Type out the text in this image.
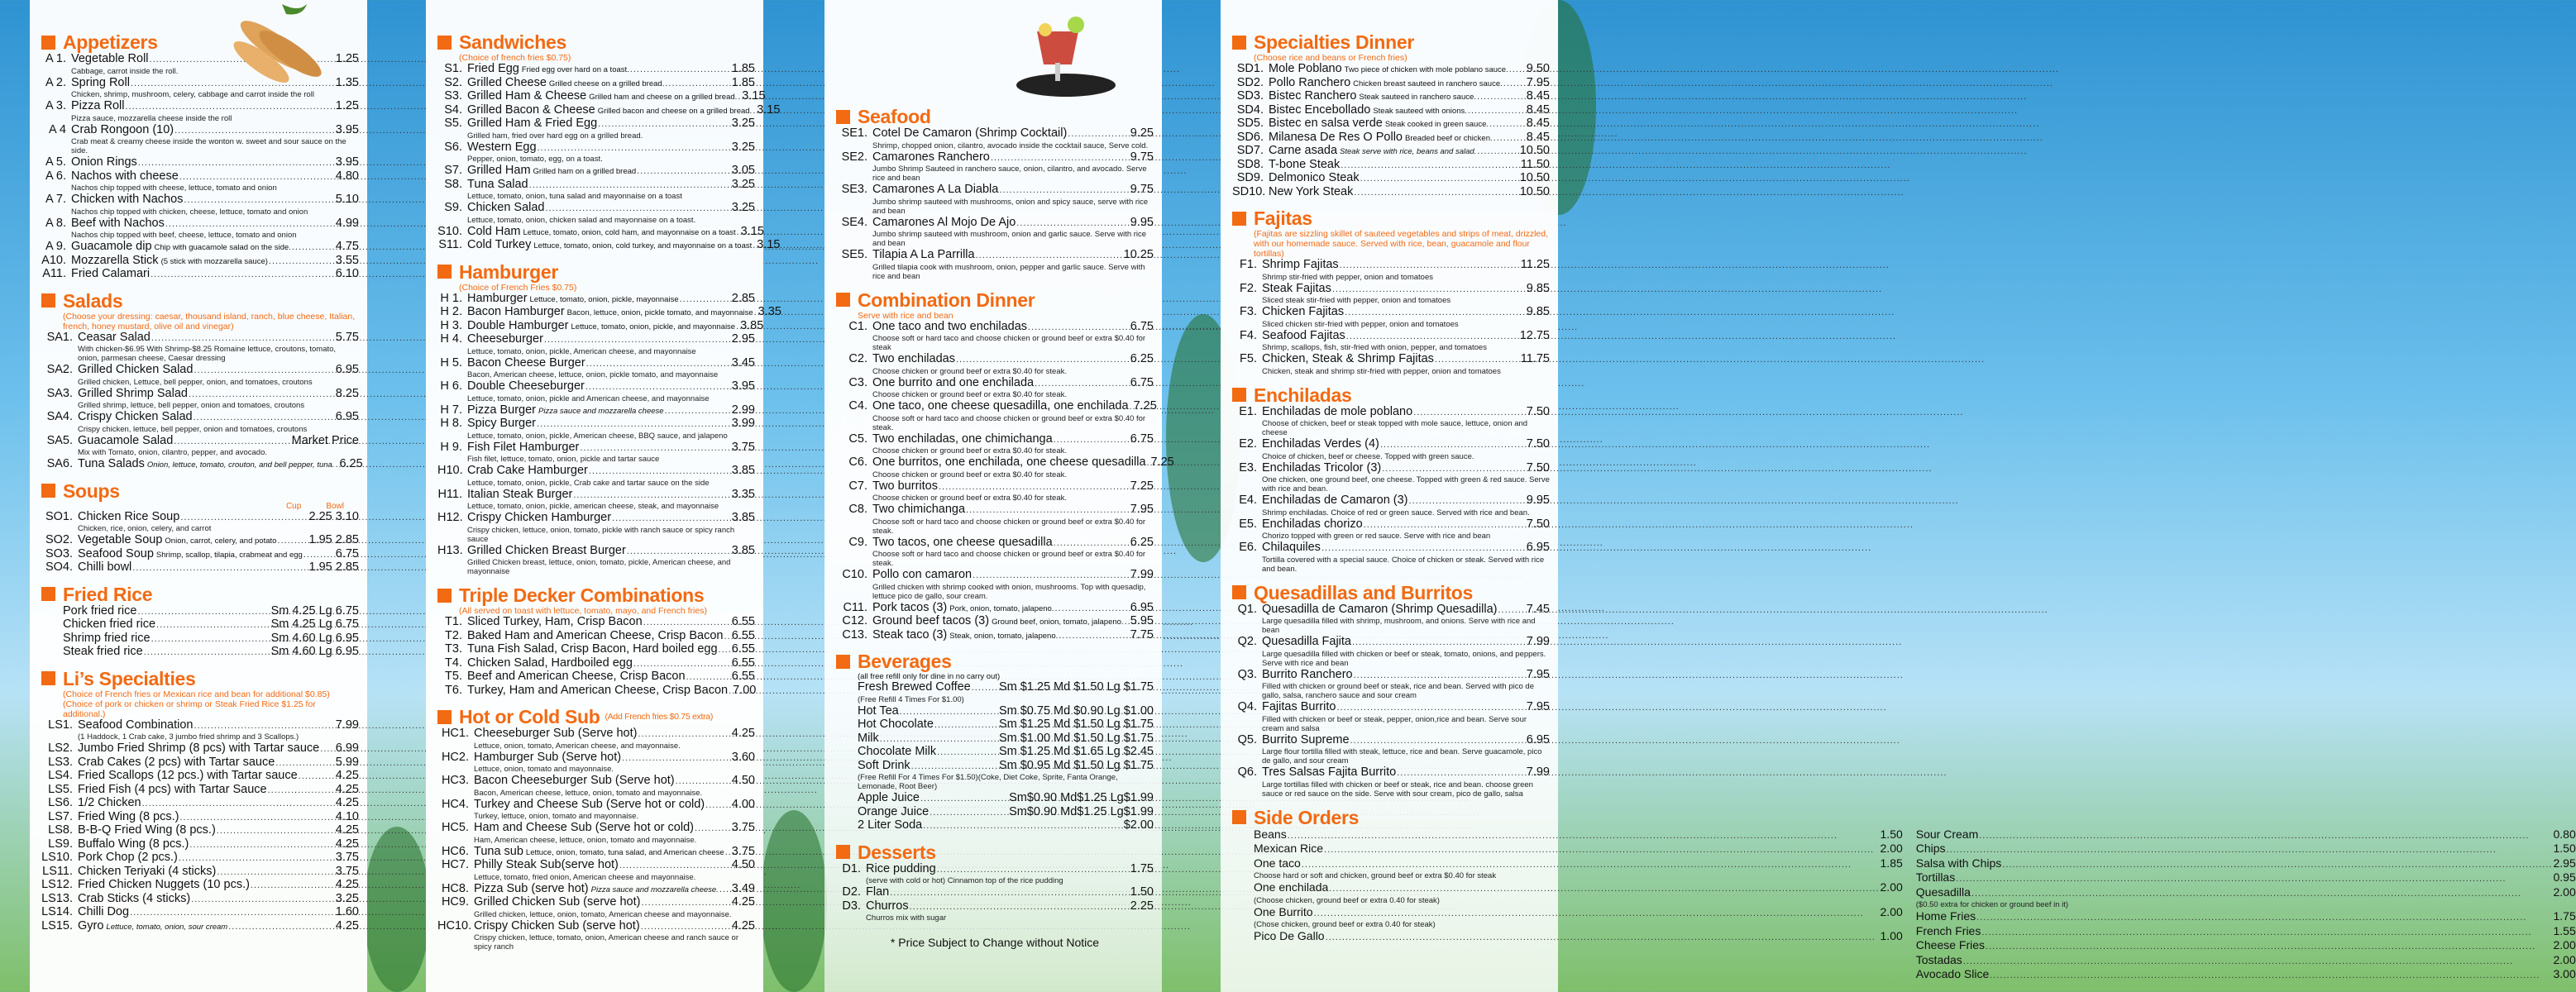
Appetizers
A 1. Vegetable Roll .....	1.25
Cabbage, carrot inside the roll.
A 2. Spring Roll .....	1.35
Chicken, shrimp, mushroom, celery, cabbage and carrot inside the roll
A 3. Pizza Roll .....	1.25
Pizza sauce, mozzarella cheese inside the roll
A 4 Crab Rongoon (10) .....	3.95
Crab meat & creamy cheese inside the wonton w. sweet and sour sauce on the side.
A 5. Onion Rings .....	3.95
A 6. Nachos with cheese .....	4.80
Nachos chip topped with cheese, lettuce, tomato and onion
A 7. Chicken with Nachos .....	5.10
Nachos chip topped with chicken, cheese, lettuce, tomato and onion
A 8. Beef with Nachos .....	4.99
Nachos chip topped with beef, cheese, lettuce, tomato and onion
A 9. Guacamole dip Chip with guacamole salad on the side. .....	4.75
A10. Mozzarella Stick (5 stick with mozzarella sauce) .....	3.55
A11. Fried Calamari .....	6.10
Salads
(Choose your dressing: caesar, thousand island, ranch, blue cheese, Italian, french, honey mustard, olive oil and vinegar)
SA1. Ceasar Salad .....	5.75
With chicken-$6.95 With Shrimp-$8.25 Romaine lettuce, croutons, tomato, onion, parmesan cheese, Caesar dressing
SA2. Grilled Chicken Salad .....	6.95
Grilled chicken, Lettuce, bell pepper, onion, and tomatoes, croutons
SA3. Grilled Shrimp Salad .....	8.25
Grilled shrimp, lettuce, bell pepper, onion and tomatoes, croutons
SA4. Crispy Chicken Salad .....	6.95
Crispy chicken, lettuce, bell pepper, onion and tomatoes, croutons
SA5. Guacamole Salad .....	Market Price
Mix with Tomato, onion, cilantro, pepper, and avocado.
SA6. Tuna Salads Onion, lettuce, tomato, crouton, and bell pepper, tuna. ..... 6.25
Soups
Cup	Bowl
SO1. Chicken Rice Soup .....	2.25 3.10
Chicken, rice, onion, celery, and carrot
SO2. Vegetable Soup Onion, carrot, celery, and potato .....	1.95 2.85
SO3. Seafood Soup Shrimp, scallop, tilapia, crabmeat and egg .....	6.75
SO4. Chilli bowl .....	1.95 2.85
Fried Rice
Pork fried rice .....	Sm 4.25 Lg 6.75
Chicken fried rice .....	Sm 4.25 Lg 6.75
Shrimp fried rice .....	Sm 4.60 Lg 6.95
Steak fried rice .....	Sm 4.60 Lg 6.95
Li’s Specialties
(Choice of French fries or Mexican rice and bean for additional $0.85)
(Choice of pork or chicken or shrimp or Steak Fried Rice $1.25 for additional.)
LS1. Seafood Combination .....	7.99
(1 Haddock, 1 Crab cake, 3 jumbo fried shrimp and 3 Scallops.)
LS2. Jumbo Fried Shrimp (8 pcs) with Tartar sauce ..... 6.99
LS3. Crab Cakes (2 pcs) with Tartar sauce .....	5.99
LS4. Fried Scallops (12 pcs.) with Tartar sauce .....	4.25
LS5. Fried Fish (4 pcs) with Tartar Sauce .....	4.25
LS6. 1/2 Chicken .....	4.25
LS7. Fried Wing (8 pcs.) .....	4.10
LS8. B-B-Q Fried Wing (8 pcs.) .....	4.25
LS9. Buffalo Wing (8 pcs.) .....	4.25
LS10. Pork Chop (2 pcs.) .....	3.75
LS11. Chicken Teriyaki (4 sticks) .....	3.75
LS12. Fried Chicken Nuggets (10 pcs.) .....	4.25
LS13. Crab Sticks (4 sticks) .....	3.25
LS14. Chilli Dog .....	1.60
LS15. Gyro Lettuce, tomato, onion, sour cream .....	4.25
Sandwiches
(Choice of french fries $0.75)
S1. Fried Egg Fried egg over hard on a toast. .....	1.85
S2. Grilled Cheese Grilled cheese on a grilled bread. .....	1.85
S3. Grilled Ham & Cheese Grilled ham and cheese on a grilled bread. ..... 3.15
S4. Grilled Bacon & Cheese Grilled bacon and cheese on a grilled bread. ..... 3.15
S5. Grilled Ham & Fried Egg .....	3.25
Grilled ham, fried over hard egg on a grilled bread.
S6. Western Egg .....	3.25
Pepper, onion, tomato, egg, on a toast.
S7. Grilled Ham Grilled ham on a grilled bread .....	3.05
S8. Tuna Salad .....	3.25
Lettuce, tomato, onion, tuna salad and mayonnaise on a toast
S9. Chicken Salad .....	3.25
Lettuce, tomato, onion, chicken salad and mayonnaise on a toast.
S10. Cold Ham Lettuce, tomato, onion, cold ham, and mayonnaise on a toast ..... 3.15
S11. Cold Turkey Lettuce, tomato, onion, cold turkey, and mayonnaise on a toast ..... 3.15
Hamburger
(Choice of French Fries $0.75)
H 1. Hamburger Lettuce, tomato, onion, pickle, mayonnaise .....	2.85
H 2. Bacon Hamburger Bacon, lettuce, onion, pickle tomato, and mayonnaise ..... 3.35
H 3. Double Hamburger Lettuce, tomato, onion, pickle, and mayonnaise ..... 3.85
H 4. Cheeseburger .....	2.95
Lettuce, tomato, onion, pickle, American cheese, and mayonnaise
H 5. Bacon Cheese Burger .....	3.45
Bacon, American cheese, lettuce, onion, pickle tomato, and mayonnaise
H 6. Double Cheeseburger .....	3.95
Lettuce, tomato, onion, pickle and American cheese, and mayonnaise
H 7. Pizza Burger Pizza sauce and mozzarella cheese .....	2.99
H 8. Spicy Burger .....	3.99
Lettuce, tomato, onion, pickle, American cheese, BBQ sauce, and jalapeno
H 9. Fish Filet Hamburger .....	3.75
Fish filet, lettuce, tomato, onion, pickle and tartar sauce
H10. Crab Cake Hamburger .....	3.85
Lettuce, tomato, onion, pickle, Crab cake and tartar sauce on the side
H11. Italian Steak Burger .....	3.35
Lettuce, tomato, onion, pickle, american cheese, steak, and mayonnaise
H12. Crispy Chicken Hamburger .....	3.85
Crispy chicken, lettuce, onion, tomato, pickle with ranch sauce or spicy ranch sauce
H13. Grilled Chicken Breast Burger .....	3.85
Grilled Chicken breast, lettuce, onion, tomato, pickle, American cheese, and mayonnaise
Triple Decker Combinations
(All served on toast with lettuce, tomato, mayo, and French fries)
T1. Sliced Turkey, Ham, Crisp Bacon .....	6.55
T2. Baked Ham and American Cheese, Crisp Bacon ..... 6.55
T3. Tuna Fish Salad, Crisp Bacon, Hard boiled egg ..... 6.55
T4. Chicken Salad, Hardboiled egg .....	6.55
T5. Beef and American Cheese, Crisp Bacon .....	6.55
T6. Turkey, Ham and American Cheese, Crisp Bacon ..... 7.00
Hot or Cold Sub (Add French fries $0.75 extra)
HC1. Cheeseburger Sub (Serve hot) .....	4.25
Lettuce, onion, tomato, American cheese, and mayonnaise.
HC2. Hamburger Sub (Serve hot) .....	3.60
Lettuce, onion, tomato and mayonnaise.
HC3. Bacon Cheeseburger Sub (Serve hot) .....	4.50
Bacon, American cheese, lettuce, onion, tomato and mayonnaise.
HC4. Turkey and Cheese Sub (Serve hot or cold) ..... 4.00
Turkey, lettuce, onion, tomato and mayonnaise.
HC5. Ham and Cheese Sub (Serve hot or cold) .....	3.75
Ham, American cheese, lettuce, onion, tomato and mayonnaise.
HC6. Tuna sub Lettuce, onion, tomato, tuna salad, and American cheese ..... 3.75
HC7. Philly Steak Sub(serve hot) .....	4.50
Lettuce, tomato, fried onion, American cheese and mayonnaise.
HC8. Pizza Sub (serve hot) Pizza sauce and mozzarella cheese. ..... 3.49
HC9. Grilled Chicken Sub (serve hot) .....	4.25
Grilled chicken, lettuce, onion, tomato, American cheese and mayonnaise.
HC10. Crispy Chicken Sub (serve hot) .....	4.25
Crispy chicken, lettuce, tomato, onion, American cheese and ranch sauce or spicy ranch
Seafood
SE1. Cotel De Camaron (Shrimp Cocktail) .....	9.25
Shrimp, chopped onion, cilantro, avocado inside the cocktail sauce, Serve cold.
SE2. Camarones Ranchero .....	9.75
Jumbo Shrimp Sauteed in ranchero sauce, onion, cilantro, and avocado. Serve rice and bean
SE3. Camarones A La Diabla .....	9.75
Jumbo shrimp sauteed with mushrooms, onion and spicy sauce, serve with rice and bean
SE4. Camarones Al Mojo De Ajo .....	9.95
Jumbo shrimp sauteed with mushroom, onion and garlic sauce. Serve with rice and bean
SE5. Tilapia A La Parrilla .....	10.25
Grilled tilapia cook with mushroom, onion, pepper and garlic sauce. Serve with rice and bean
Combination Dinner
Serve with rice and bean
C1. One taco and two enchiladas .....	6.75
Choose soft or hard taco and choose chicken or ground beef or extra $0.40 for steak
C2. Two enchiladas .....	6.25
Choose chicken or ground beef or extra $0.40 for steak.
C3. One burrito and one enchilada .....	6.75
Choose chicken or ground beef or extra $0.40 for steak.
C4. One taco, one cheese quesadilla, one enchilada ..... 7.25
Choose soft or hard taco and choose chicken or ground beef or extra $0.40 for steak.
C5. Two enchiladas, one chimichanga .....	6.75
Choose chicken or ground beef or extra $0.40 for steak.
C6. One burritos, one enchilada, one cheese quesadilla ..... 7.25
Choose chicken or ground beef or extra $0.40 for steak.
C7. Two burritos .....	7.25
Choose chicken or ground beef or extra $0.40 for steak.
C8. Two chimichanga .....	7.95
Choose soft or hard taco and choose chicken or ground beef or extra $0.40 for steak.
C9. Two tacos, one cheese quesadilla .....	6.25
Choose soft or hard taco and choose chicken or ground beef or extra $0.40 for steak.
C10. Pollo con camaron .....	7.99
Grilled chicken with shrimp cooked with onion, mushrooms. Top with quesadip, lettuce pico de gallo, sour cream.
C11. Pork tacos (3) Pork, onion, tomato, jalapeno. .....	6.95
C12. Ground beef tacos (3) Ground beef, onion, tomato, jalapeno. ..... 5.95
C13. Steak taco (3) Steak, onion, tomato, jalapeno. .....	7.75
Beverages
(all free refill only for dine in no carry out)
Fresh Brewed Coffee ..... Sm $1.25 Md $1.50 Lg $1.75
(Free Refill 4 Times For $1.00)
Hot Tea .....	Sm $0.75 Md $0.90 Lg $1.00
Hot Chocolate .....	Sm $1.25 Md $1.50 Lg $1.75
Milk .....	Sm $1.00 Md $1.50 Lg $1.75
Chocolate Milk .....	Sm $1.25 Md $1.65 Lg $2.45
Soft Drink .....	Sm $0.95 Md $1.50 Lg $1.75
(Free Refill For 4 Times For $1.50)(Coke, Diet Coke, Sprite, Fanta Orange, Lemonade, Root Beer)
Apple Juice .....	Sm$0.90 Md$1.25 Lg$1.99
Orange Juice .....	Sm$0.90 Md$1.25 Lg$1.99
2 Liter Soda .....	$2.00
Desserts
D1. Rice pudding .....	1.75
(serve with cold or hot) Cinnamon top of the rice pudding
D2. Flan .....	1.50
D3. Churros .....	2.25
Churros mix with sugar
* Price Subject to Change without Notice
Specialties Dinner
(Choose rice and beans or French fries)
SD1. Mole Poblano Two piece of chicken with mole poblano sauce. ..... 9.50
SD2. Pollo Ranchero Chicken breast sauteed in ranchero sauce. ..... 7.95
SD3. Bistec Ranchero Steak sauteed in ranchero sauce. .....	8.45
SD4. Bistec Encebollado Steak sauteed with onions. .....	8.45
SD5. Bistec en salsa verde Steak cooked in green sauce. .....	8.45
SD6. Milanesa De Res O Pollo Breaded beef or chicken. .....	8.45
SD7. Carne asada Steak serve with rice, beans and salad. .....	10.50
SD8. T-bone Steak .....	11.50
SD9. Delmonico Steak .....	10.50
SD10. New York Steak .....	10.50
Fajitas
(Fajitas are sizzling skillet of sauteed vegetables and strips of meat, drizzled, with our homemade sauce. Served with rice, bean, guacamole and flour tortillas)
F1. Shrimp Fajitas .....	11.25
Shrimp stir-fried with pepper, onion and tomatoes
F2. Steak Fajitas .....	9.85
Sliced steak stir-fried with pepper, onion and tomatoes
F3. Chicken Fajitas .....	9.85
Sliced chicken stir-fried with pepper, onion and tomatoes
F4. Seafood Fajitas .....	12.75
Shrimp, scallops, fish, stir-fried with onion, pepper, and tomatoes
F5. Chicken, Steak & Shrimp Fajitas .....	11.75
Chicken, steak and shrimp stir-fried with pepper, onion and tomatoes
Enchiladas
E1. Enchiladas de mole poblano .....	7.50
Choose of chicken, beef or steak topped with mole sauce, lettuce, onion and cheese
E2. Enchiladas Verdes (4) .....	7.50
Choice of chicken, beef or cheese. Topped with green sauce.
E3. Enchiladas Tricolor (3) .....	7.50
One chicken, one ground beef, one cheese. Topped with green & red sauce. Serve with rice and bean.
E4. Enchiladas de Camaron (3) .....	9.95
Shrimp enchiladas. Choice of red or green sauce. Served with rice and bean.
E5. Enchiladas chorizo .....	7.50
Chorizo topped with green or red sauce. Serve with rice and bean
E6. Chilaquiles .....	6.95
Tortilla covered with a special sauce. Choice of chicken or steak. Served with rice and bean.
Quesadillas and Burritos
Q1. Quesadilla de Camaron (Shrimp Quesadilla) ..... 7.45
Large quesadilla filled with shrimp, mushroom, and onions. Serve with rice and bean
Q2. Quesadilla Fajita .....	7.99
Large quesadilla filled with chicken or beef or steak, tomato, onions, and peppers. Serve with rice and bean
Q3. Burrito Ranchero .....	7.95
Filled with chicken or ground beef or steak, rice and bean. Served with pico de gallo, salsa, ranchero sauce and sour cream
Q4. Fajitas Burrito .....	7.95
Filled with chicken or beef or steak, pepper, onion,rice and bean. Serve sour cream and salsa
Q5. Burrito Supreme .....	6.95
Large flour tortilla filled with steak, lettuce, rice and bean. Serve guacamole, pico de gallo, and sour cream
Q6. Tres Salsas Fajita Burrito .....	7.99
Large tortillas filled with chicken or beef or steak, rice and bean. choose green sauce or red sauce on the side. Serve with sour cream, pico de gallo, salsa
Side Orders
Beans .....	1.50
Mexican Rice .....	2.00
One taco .....	1.85
Choose hard or soft and chicken, ground beef or extra $0.40 for steak
One enchilada .....	2.00
(Choose chicken, ground beef or extra 0.40 for steak)
One Burrito .....	2.00
(Chose chicken, ground beef or extra 0.40 for steak)
Pico De Gallo .....	1.00
Sour Cream .....	0.80
Chips .....	1.50
Salsa with Chips .....	2.95
Tortillas .....	0.95
Quesadilla .....	2.00
($0.50 extra for chicken or ground beef in it)
Home Fries .....	1.75
French Fries .....	1.55
Cheese Fries .....	2.00
Tostadas .....	2.00
Avocado Slice .....	3.00
